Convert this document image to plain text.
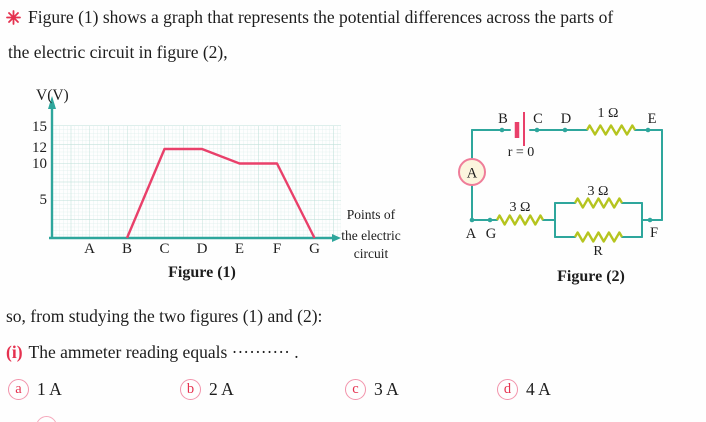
Figure (1) shows a graph that represents the potential differences across the parts of
the electric circuit in figure (2),
V(V)
15
12
10
5
A B C D E F G
Points of
the electric
circuit
Figure (1)
A
B C D	E
A G	F
1 Ω
r = 0
3 Ω
3 Ω
R
Figure (2)
so, from studying the two figures (1) and (2):
(i) The ammeter reading equals ·········· .
a 1 A	b 2 A	c 3 A	d 4 A
